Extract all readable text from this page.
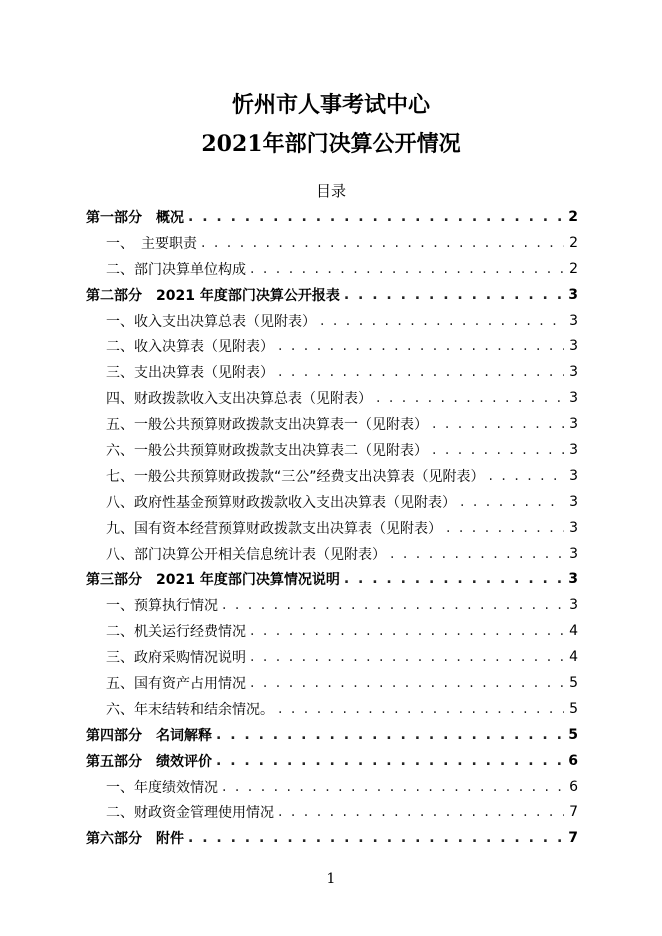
忻州市人事考试中心
2021年部门决算公开情况
目录
第一部分　概况 . . .	2
一、　主要职责 . . .	2
二、部门决算单位构成 . . .	2
第二部分　2021 年度部门决算公开报表 . . .	3
一、收入支出决算总表（见附表） . . .	3
二、收入决算表（见附表） . . .	3
三、支出决算表（见附表） . . .	3
四、财政拨款收入支出决算总表（见附表） . . .	3
五、一般公共预算财政拨款支出决算表一（见附表） . . .	3
六、一般公共预算财政拨款支出决算表二（见附表） . . .	3
七、一般公共预算财政拨款“三公”经费支出决算表（见附表） . . .	3
八、政府性基金预算财政拨款收入支出决算表（见附表） . . .	3
九、国有资本经营预算财政拨款支出决算表（见附表） . . .	3
八、部门决算公开相关信息统计表（见附表） . . .	3
第三部分　2021 年度部门决算情况说明 . . .	3
一、预算执行情况 . . .	3
二、机关运行经费情况 . . .	4
三、政府采购情况说明 . . .	4
五、国有资产占用情况 . . .	5
六、年末结转和结余情况。 . . .	5
第四部分　名词解释 . . .	5
第五部分　绩效评价 . . .	6
一、年度绩效情况 . . .	6
二、财政资金管理使用情况 . . .	7
第六部分　附件 . . .	7
1
